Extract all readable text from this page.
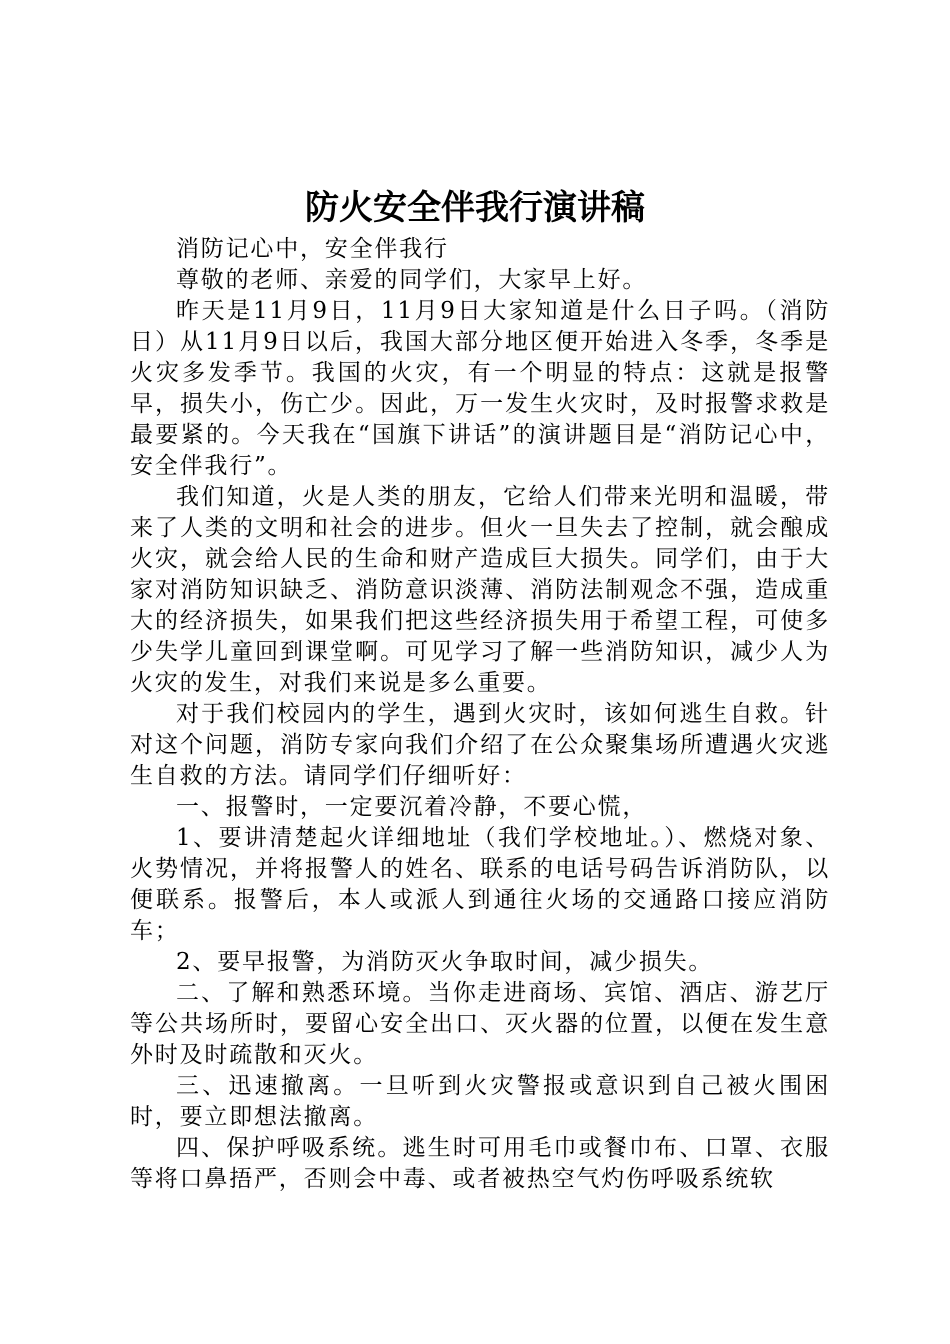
防火安全伴我行演讲稿

消防记心中，安全伴我行

尊敬的老师、亲爱的同学们，大家早上好。

昨天是11月9日，11月9日大家知道是什么日子吗。（消防日）从11月9日以后，我国大部分地区便开始进入冬季，冬季是火灾多发季节。我国的火灾，有一个明显的特点：这就是报警早，损失小，伤亡少。因此，万一发生火灾时，及时报警求救是最要紧的。今天我在“国旗下讲话”的演讲题目是“消防记心中，安全伴我行”。

我们知道，火是人类的朋友，它给人们带来光明和温暖，带来了人类的文明和社会的进步。但火一旦失去了控制，就会酿成火灾，就会给人民的生命和财产造成巨大损失。同学们，由于大家对消防知识缺乏、消防意识淡薄、消防法制观念不强，造成重大的经济损失，如果我们把这些经济损失用于希望工程，可使多少失学儿童回到课堂啊。可见学习了解一些消防知识，减少人为火灾的发生，对我们来说是多么重要。

对于我们校园内的学生，遇到火灾时，该如何逃生自救。针对这个问题，消防专家向我们介绍了在公众聚集场所遭遇火灾逃生自救的方法。请同学们仔细听好：

一、报警时，一定要沉着冷静，不要心慌，

1、要讲清楚起火详细地址（我们学校地址。）、燃烧对象、火势情况，并将报警人的姓名、联系的电话号码告诉消防队，以便联系。报警后，本人或派人到通往火场的交通路口接应消防车；

2、要早报警，为消防灭火争取时间，减少损失。

二、了解和熟悉环境。当你走进商场、宾馆、酒店、游艺厅等公共场所时，要留心安全出口、灭火器的位置，以便在发生意外时及时疏散和灭火。

三、迅速撤离。一旦听到火灾警报或意识到自己被火围困时，要立即想法撤离。

四、保护呼吸系统。逃生时可用毛巾或餐巾布、口罩、衣服等将口鼻捂严，否则会中毒、或者被热空气灼伤呼吸系统软
